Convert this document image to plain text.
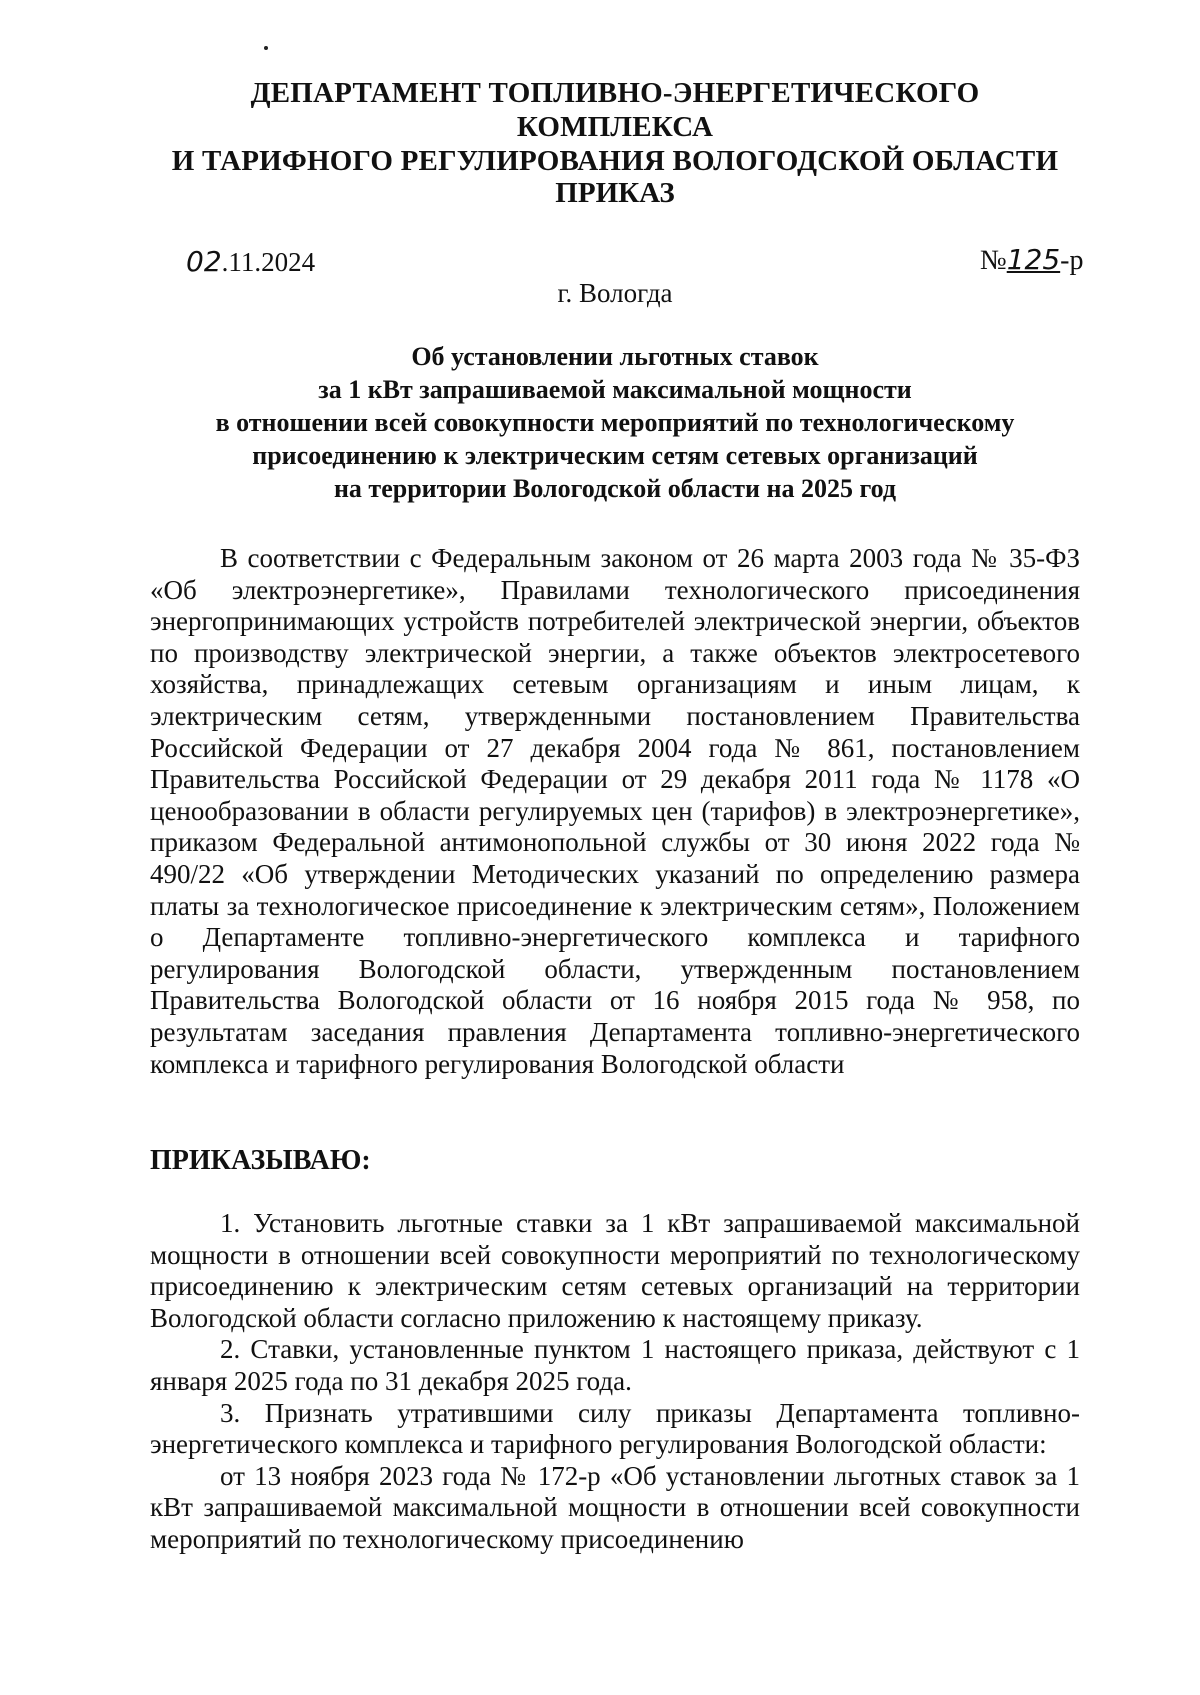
ДЕПАРТАМЕНТ ТОПЛИВНО-ЭНЕРГЕТИЧЕСКОГО КОМПЛЕКСА
И ТАРИФНОГО РЕГУЛИРОВАНИЯ ВОЛОГОДСКОЙ ОБЛАСТИ
ПРИКАЗ
02.11.2024	№125-р
г. Вологда
Об установлении льготных ставок
за 1 кВт запрашиваемой максимальной мощности
в отношении всей совокупности мероприятий по технологическому
присоединению к электрическим сетям сетевых организаций
на территории Вологодской области на 2025 год

В соответствии с Федеральным законом от 26 марта 2003 года № 35-ФЗ «Об электроэнергетике», Правилами технологического присоединения энергопринимающих устройств потребителей электрической энергии, объектов по производству электрической энергии, а также объектов электросетевого хозяйства, принадлежащих сетевым организациям и иным лицам, к электрическим сетям, утвержденными постановлением Правительства Российской Федерации от 27 декабря 2004 года № 861, постановлением Правительства Российской Федерации от 29 декабря 2011 года № 1178 «О ценообразовании в области регулируемых цен (тарифов) в электроэнергетике», приказом Федеральной антимонопольной службы от 30 июня 2022 года № 490/22 «Об утверждении Методических указаний по определению размера платы за технологическое присоединение к электрическим сетям», Положением о Департаменте топливно-энергетического комплекса и тарифного регулирования Вологодской области, утвержденным постановлением Правительства Вологодской области от 16 ноября 2015 года № 958, по результатам заседания правления Департамента топливно-энергетического комплекса и тарифного регулирования Вологодской области

ПРИКАЗЫВАЮ:

1. Установить льготные ставки за 1 кВт запрашиваемой максимальной мощности в отношении всей совокупности мероприятий по технологическому присоединению к электрическим сетям сетевых организаций на территории Вологодской области согласно приложению к настоящему приказу.

2. Ставки, установленные пунктом 1 настоящего приказа, действуют с 1 января 2025 года по 31 декабря 2025 года.

3. Признать утратившими силу приказы Департамента топливно-энергетического комплекса и тарифного регулирования Вологодской области:

от 13 ноября 2023 года № 172-р «Об установлении льготных ставок за 1 кВт запрашиваемой максимальной мощности в отношении всей совокупности мероприятий по технологическому присоединению
